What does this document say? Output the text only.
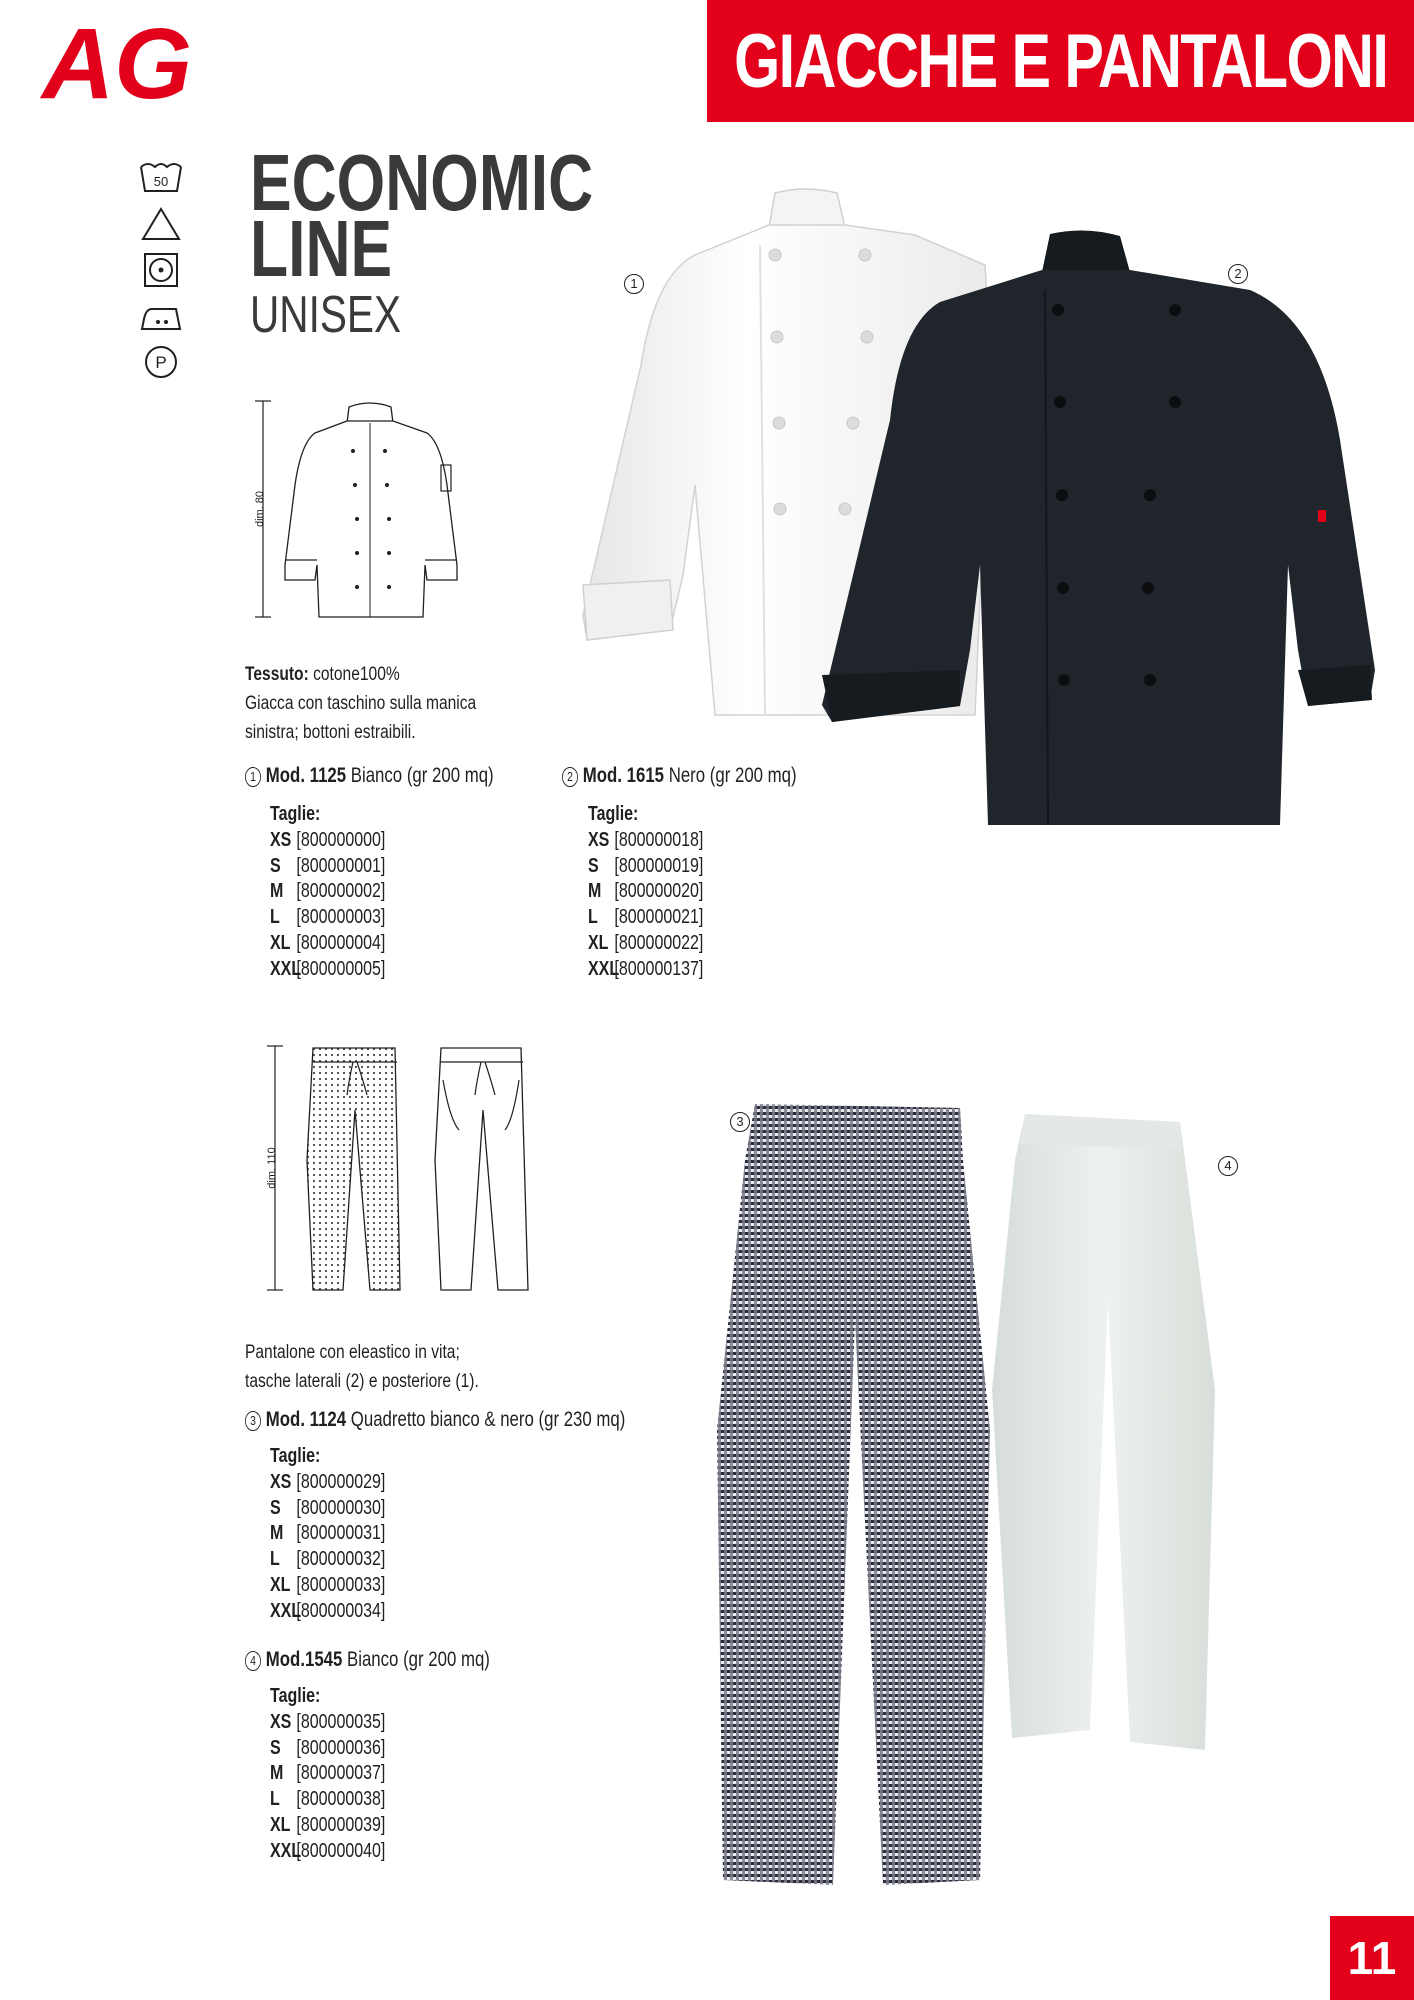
AG	GIACCHE E PANTALONI
50
P
ECONOMIC
LINE
UNISEX
dim. 80
Tessuto: cotone100%
Giacca con taschino sulla manica
sinistra; bottoni estraibili.
1 Mod. 1125 Bianco (gr 200 mq)
Taglie:
XS [800000000]
S [800000001]
M [800000002]
L [800000003]
XL [800000004]
XXL
[800000005]
2 Mod. 1615 Nero (gr 200 mq)
Taglie:
XS [800000018]
S [800000019]
M [800000020]
L [800000021]
XL [800000022]
XXL
[800000137]
1
2
dim. 110
Pantalone con eleastico in vita;
tasche laterali (2) e posteriore (1).
3 Mod. 1124 Quadretto bianco & nero (gr 230 mq)
Taglie:
XS [800000029]
S [800000030]
M [800000031]
L [800000032]
XL [800000033]
XXL
[800000034]
4 Mod.1545 Bianco (gr 200 mq)
Taglie:
XS [800000035]
S [800000036]
M [800000037]
L [800000038]
XL [800000039]
XXL
[800000040]
3
4
11
